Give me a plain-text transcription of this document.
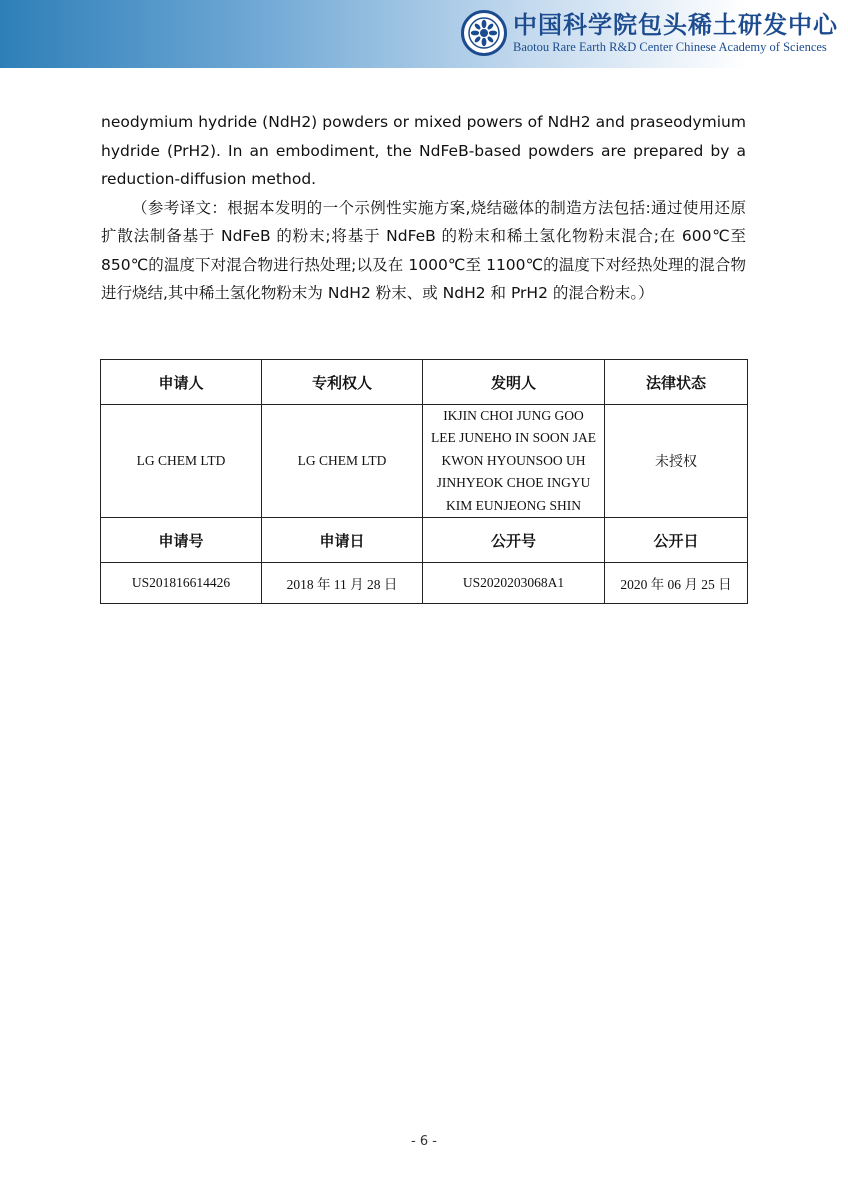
中国科学院包头稀土研发中心
Baotou Rare Earth R&D Center Chinese Academy of Sciences

neodymium hydride (NdH2) powders or mixed powers of NdH2 and praseodymium hydride (PrH2). In an embodiment, the NdFeB-based powders are prepared by a reduction-diffusion method.

（参考译文：根据本发明的一个示例性实施方案,烧结磁体的制造方法包括:通过使用还原 扩散法制备基于 NdFeB 的粉末;将基于 NdFeB 的粉末和稀土氢化物粉末混合;在 600℃至 850℃的温度下对混合物进行热处理;以及在 1000℃至 1100℃的温度下对经热处理的混合物进行烧结,其中稀土氢化物粉末为 NdH2 粉末、或 NdH2 和 PrH2 的混合粉末。）

申请人	专利权人	发明人	法律状态
LG CHEM LTD	LG CHEM LTD	IKJIN CHOI JUNG GOO
LEE JUNEHO IN SOON JAE
KWON HYOUNSOO UH
JINHYEOK CHOE INGYU
KIM EUNJEONG SHIN	未授权
申请号	申请日	公开号	公开日
US201816614426	2018 年 11 月 28 日	US2020203068A1	2020 年 06 月 25 日
- 6 -
